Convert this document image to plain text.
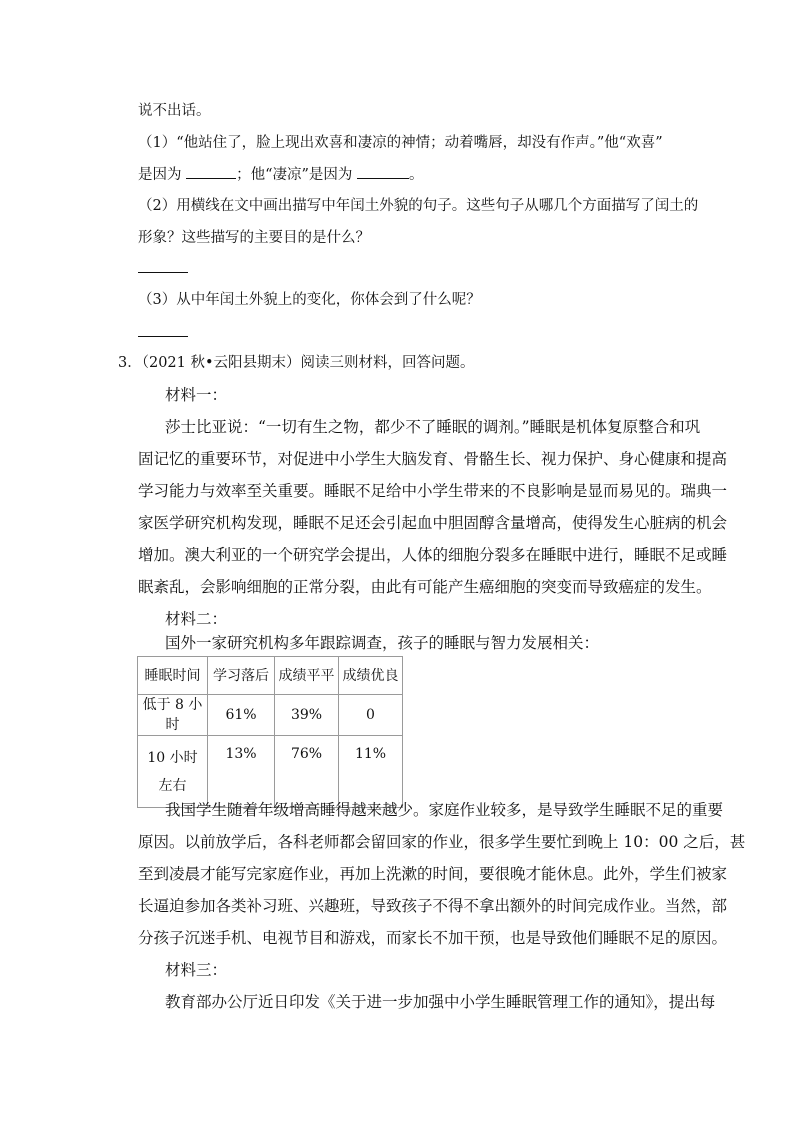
说不出话。
（1）“他站住了，脸上现出欢喜和凄凉的神情；动着嘴唇，却没有作声。”他“欢喜”
是因为	；他“凄凉”是因为	。
（2）用横线在文中画出描写中年闰土外貌的句子。这些句子从哪几个方面描写了闰土的
形象？这些描写的主要目的是什么？
（3）从中年闰土外貌上的变化，你体会到了什么呢？
3．（2021 秋•云阳县期末）阅读三则材料，回答问题。
材料一：
莎士比亚说：“一切有生之物，都少不了睡眠的调剂。”睡眠是机体复原整合和巩
固记忆的重要环节，对促进中小学生大脑发育、骨骼生长、视力保护、身心健康和提高
学习能力与效率至关重要。睡眠不足给中小学生带来的不良影响是显而易见的。瑞典一
家医学研究机构发现，睡眠不足还会引起血中胆固醇含量增高，使得发生心脏病的机会
增加。澳大利亚的一个研究学会提出，人体的细胞分裂多在睡眠中进行，睡眠不足或睡
眠紊乱，会影响细胞的正常分裂，由此有可能产生癌细胞的突变而导致癌症的发生。
材料二：
国外一家研究机构多年跟踪调查，孩子的睡眠与智力发展相关：
睡眠时间	学习落后	成绩平平	成绩优良
低于 8 小时	61%	39%	0
10 小时左右	13%	76%	11%
我国学生随着年级增高睡得越来越少。家庭作业较多，是导致学生睡眠不足的重要
原因。以前放学后，各科老师都会留回家的作业，很多学生要忙到晚上 10：00 之后，甚
至到凌晨才能写完家庭作业，再加上洗漱的时间，要很晚才能休息。此外，学生们被家
长逼迫参加各类补习班、兴趣班，导致孩子不得不拿出额外的时间完成作业。当然，部
分孩子沉迷手机、电视节目和游戏，而家长不加干预，也是导致他们睡眠不足的原因。
材料三：
教育部办公厅近日印发《关于进一步加强中小学生睡眠管理工作的通知》，提出每
